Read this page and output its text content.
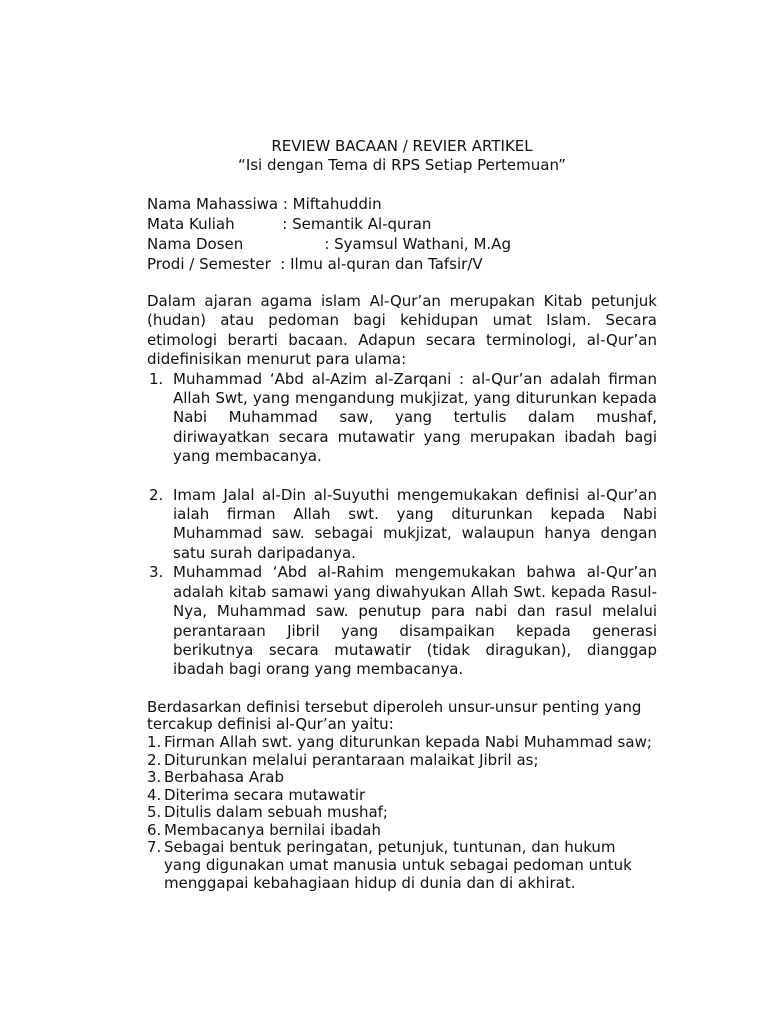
REVIEW BACAAN / REVIER ARTIKEL

“Isi dengan Tema di RPS Setiap Pertemuan”

Nama Mahassiwa : Miftahuddin
Mata Kuliah : Semantik Al-quran
Nama Dosen : Syamsul Wathani, M.Ag
Prodi / Semester : Ilmu al-quran dan Tafsir/V

Dalam ajaran agama islam Al-Qur’an merupakan Kitab petunjuk (hudan) atau pedoman bagi kehidupan umat Islam. Secara etimologi berarti bacaan. Adapun secara terminologi, al-Qur’an didefinisikan menurut para ulama:

1. Muhammad ‘Abd al-Azim al-Zarqani : al-Qur’an adalah firman Allah Swt, yang mengandung mukjizat, yang diturunkan kepada Nabi Muhammad saw, yang tertulis dalam mushaf, diriwayatkan secara mutawatir yang merupakan ibadah bagi yang membacanya.
2. Imam Jalal al-Din al-Suyuthi mengemukakan definisi al-Qur’an ialah firman Allah swt. yang diturunkan kepada Nabi Muhammad saw. sebagai mukjizat, walaupun hanya dengan satu surah daripadanya.
3. Muhammad ‘Abd al-Rahim mengemukakan bahwa al-Qur’an adalah kitab samawi yang diwahyukan Allah Swt. kepada Rasul-Nya, Muhammad saw. penutup para nabi dan rasul melalui perantaraan Jibril yang disampaikan kepada generasi berikutnya secara mutawatir (tidak diragukan), dianggap ibadah bagi orang yang membacanya.

Berdasarkan definisi tersebut diperoleh unsur-unsur penting yang tercakup definisi al-Qur’an yaitu:

1. Firman Allah swt. yang diturunkan kepada Nabi Muhammad saw;
2. Diturunkan melalui perantaraan malaikat Jibril as;
3. Berbahasa Arab
4. Diterima secara mutawatir
5. Ditulis dalam sebuah mushaf;
6. Membacanya bernilai ibadah
7. Sebagai bentuk peringatan, petunjuk, tuntunan, dan hukum yang digunakan umat manusia untuk sebagai pedoman untuk menggapai kebahagiaan hidup di dunia dan di akhirat.
